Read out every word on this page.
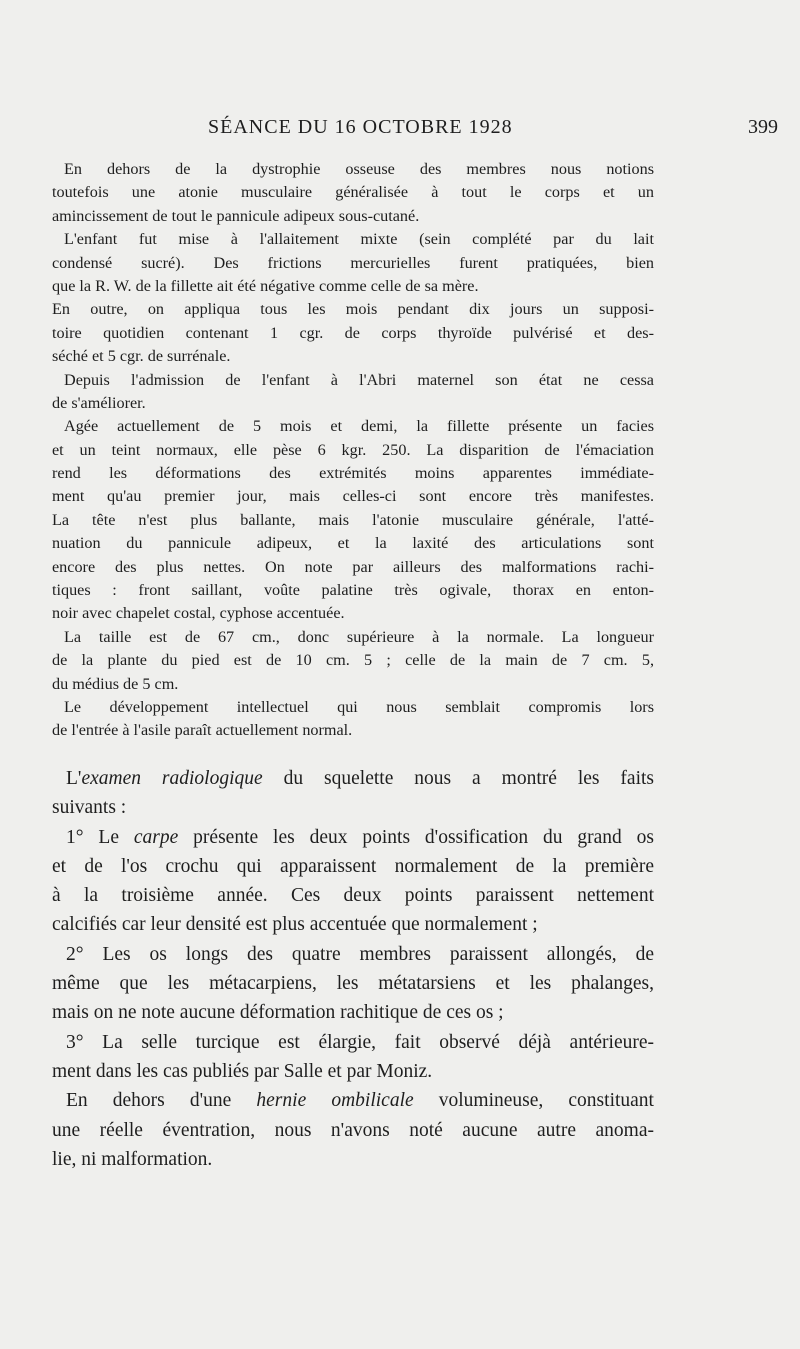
SÉANCE DU 16 OCTOBRE 1928	399
En dehors de la dystrophie osseuse des membres nous notions
toutefois une atonie musculaire généralisée à tout le corps et un
amincissement de tout le pannicule adipeux sous-cutané.
L'enfant fut mise à l'allaitement mixte (sein complété par du lait
condensé sucré). Des frictions mercurielles furent pratiquées, bien
que la R. W. de la fillette ait été négative comme celle de sa mère.
En outre, on appliqua tous les mois pendant dix jours un supposi-
toire quotidien contenant 1 cgr. de corps thyroïde pulvérisé et des-
séché et 5 cgr. de surrénale.
Depuis l'admission de l'enfant à l'Abri maternel son état ne cessa
de s'améliorer.
Agée actuellement de 5 mois et demi, la fillette présente un facies
et un teint normaux, elle pèse 6 kgr. 250. La disparition de l'émaciation
rend les déformations des extrémités moins apparentes immédiate-
ment qu'au premier jour, mais celles-ci sont encore très manifestes.
La tête n'est plus ballante, mais l'atonie musculaire générale, l'atté-
nuation du pannicule adipeux, et la laxité des articulations sont
encore des plus nettes. On note par ailleurs des malformations rachi-
tiques : front saillant, voûte palatine très ogivale, thorax en enton-
noir avec chapelet costal, cyphose accentuée.
La taille est de 67 cm., donc supérieure à la normale. La longueur
de la plante du pied est de 10 cm. 5 ; celle de la main de 7 cm. 5,
du médius de 5 cm.
Le développement intellectuel qui nous semblait compromis lors
de l'entrée à l'asile paraît actuellement normal.
L'examen radiologique du squelette nous a montré les faits
suivants :
1° Le carpe présente les deux points d'ossification du grand os
et de l'os crochu qui apparaissent normalement de la première
à la troisième année. Ces deux points paraissent nettement
calcifiés car leur densité est plus accentuée que normalement ;
2° Les os longs des quatre membres paraissent allongés, de
même que les métacarpiens, les métatarsiens et les phalanges,
mais on ne note aucune déformation rachitique de ces os ;
3° La selle turcique est élargie, fait observé déjà antérieure-
ment dans les cas publiés par Salle et par Moniz.
En dehors d'une hernie ombilicale volumineuse, constituant
une réelle éventration, nous n'avons noté aucune autre anoma-
lie, ni malformation.
